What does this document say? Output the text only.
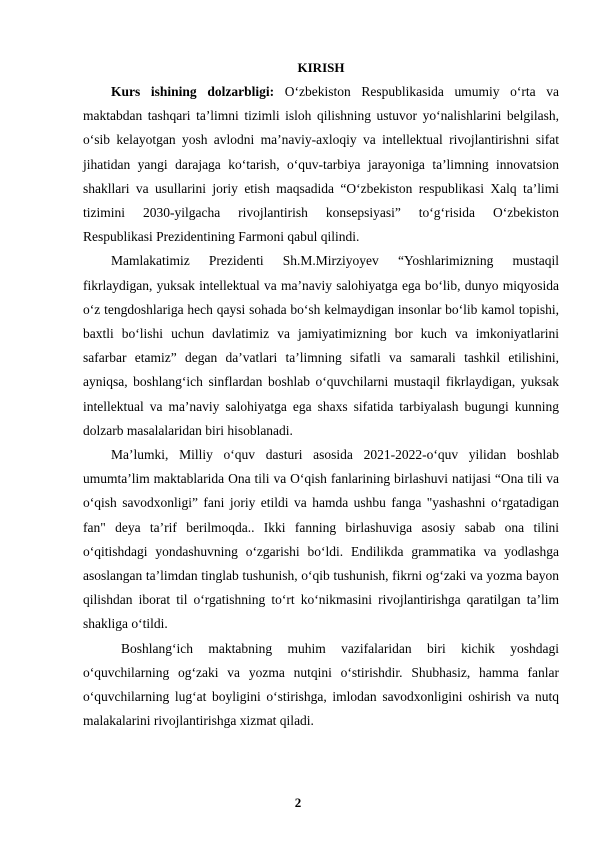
KIRISH

Kurs ishining dolzarbligi: O‘zbekiston Respublikasida umumiy o‘rta va maktabdan tashqari ta’limni tizimli isloh qilishning ustuvor yo‘nalishlarini belgilash, o‘sib kelayotgan yosh avlodni ma’naviy-axloqiy va intellektual rivojlantirishni sifat jihatidan yangi darajaga ko‘tarish, o‘quv-tarbiya jarayoniga ta’limning innovatsion shakllari va usullarini joriy etish maqsadida “O‘zbekiston respublikasi Xalq ta’limi tizimini 2030-yilgacha rivojlantirish konsepsiyasi” to‘g‘risida O‘zbekiston Respublikasi Prezidentining Farmoni qabul qilindi.

Mamlakatimiz Prezidenti Sh.M.Mirziyoyev “Yoshlarimizning mustaqil fikrlaydigan, yuksak intellektual va ma’naviy salohiyatga ega bo‘lib, dunyo miqyosida o‘z tengdoshlariga hech qaysi sohada bo‘sh kelmaydigan insonlar bo‘lib kamol topishi, baxtli bo‘lishi uchun davlatimiz va jamiyatimizning bor kuch va imkoniyatlarini safarbar etamiz” degan da’vatlari ta’limning sifatli va samarali tashkil etilishini, ayniqsa, boshlang‘ich sinflardan boshlab o‘quvchilarni mustaqil fikrlaydigan, yuksak intellektual va ma’naviy salohiyatga ega shaxs sifatida tarbiyalash bugungi kunning dolzarb masalalaridan biri hisoblanadi.

Ma’lumki, Milliy o‘quv dasturi asosida 2021-2022-o‘quv yilidan boshlab umumta’lim maktablarida Ona tili va O‘qish fanlarining birlashuvi natijasi “Ona tili va o‘qish savodxonligi” fani joriy etildi va hamda ushbu fanga "yashashni o‘rgatadigan fan" deya ta’rif berilmoqda.. Ikki fanning birlashuviga asosiy sabab ona tilini o‘qitishdagi yondashuvning o‘zgarishi bo‘ldi. Endilikda grammatika va yodlashga asoslangan ta’limdan tinglab tushunish, o‘qib tushunish, fikrni og‘zaki va yozma bayon qilishdan iborat til o‘rgatishning to‘rt ko‘nikmasini rivojlantirishga qaratilgan ta’lim shakliga o‘tildi.

Boshlang‘ich maktabning muhim vazifalaridan biri kichik yoshdagi o‘quvchilarning og‘zaki va yozma nutqini o‘stirishdir. Shubhasiz, hamma fanlar o‘quvchilarning lug‘at boyligini o‘stirishga, imlodan savodxonligini oshirish va nutq malakalarini rivojlantirishga xizmat qiladi.

2
